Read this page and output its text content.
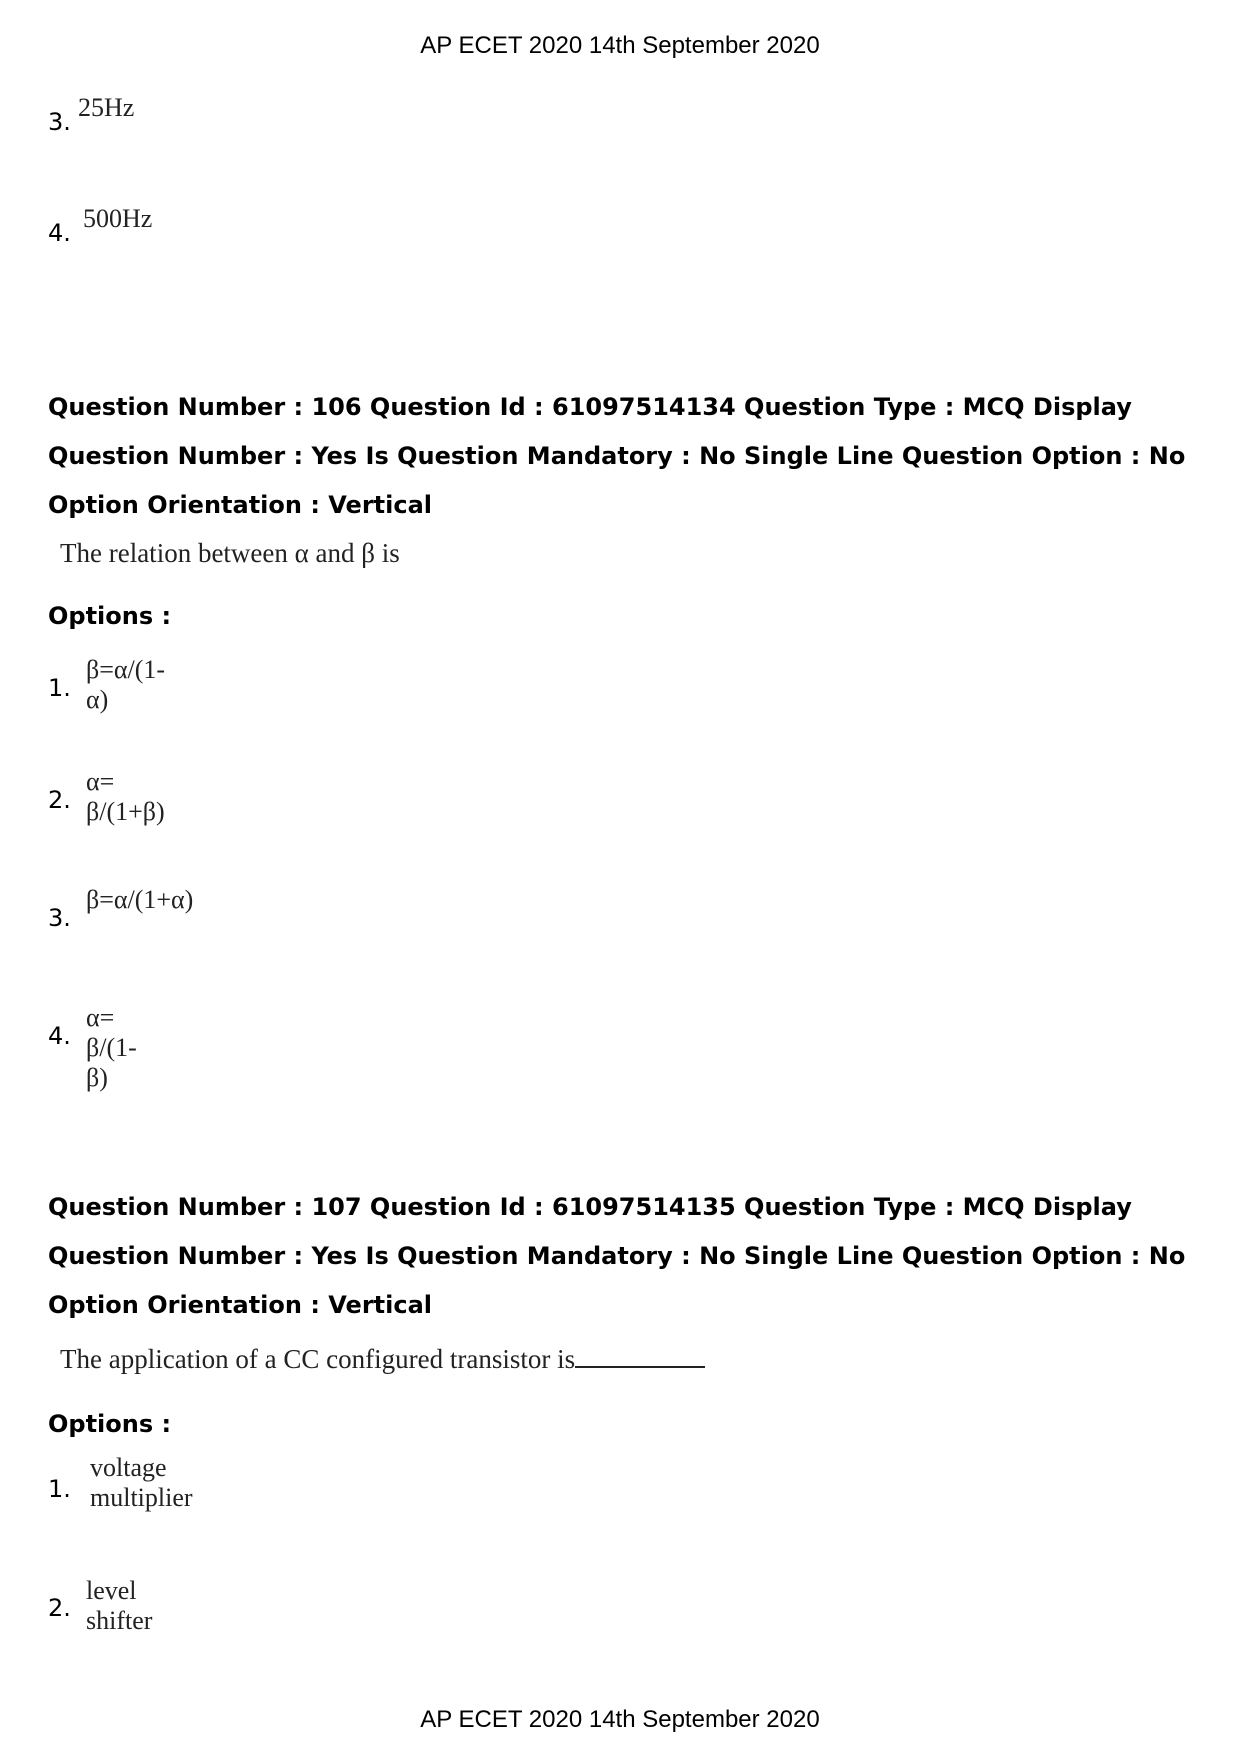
AP ECET 2020 14th September 2020
3. 25Hz
4. 500Hz
Question Number : 106 Question Id : 61097514134 Question Type : MCQ Display Question Number : Yes Is Question Mandatory : No Single Line Question Option : No Option Orientation : Vertical
The relation between α and β is
Options :
1.
β=α/(1-α)
2.
α= β/(1+β)
3.
β=α/(1+α)
4.
α= β/(1- β)
Question Number : 107 Question Id : 61097514135 Question Type : MCQ Display Question Number : Yes Is Question Mandatory : No Single Line Question Option : No Option Orientation : Vertical
The application of a CC configured transistor is
Options :
1.
voltage multiplier
2.
level shifter
AP ECET 2020 14th September 2020
